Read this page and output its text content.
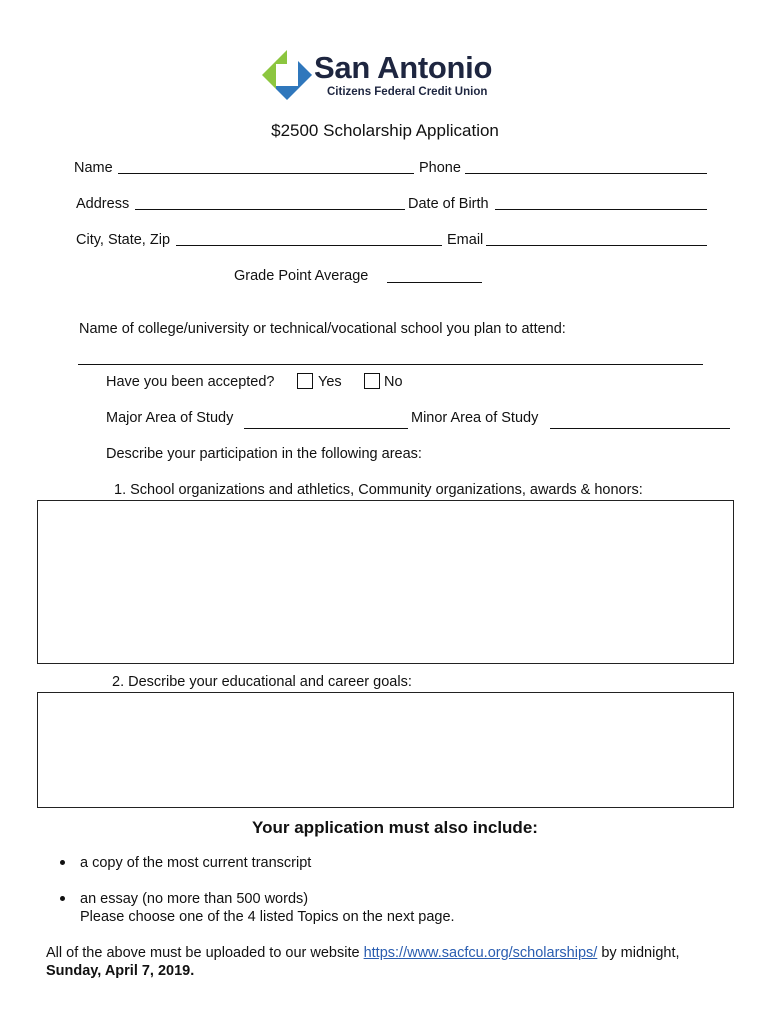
San Antonio
Citizens Federal Credit Union
$2500 Scholarship Application
Name	Phone
Address	Date of Birth
City, State, Zip	Email
Grade Point Average
Name of college/university or technical/vocational school you plan to attend:
Have you been accepted?	Yes	No
Major Area of Study	Minor Area of Study
Describe your participation in the following areas:
1. School organizations and athletics, Community organizations, awards & honors:
2. Describe your educational and career goals:
Your application must also include:
a copy of the most current transcript
an essay (no more than 500 words)
Please choose one of the 4 listed Topics on the next page.
All of the above must be uploaded to our website https://www.sacfcu.org/scholarships/ by midnight,
Sunday, April 7, 2019.
